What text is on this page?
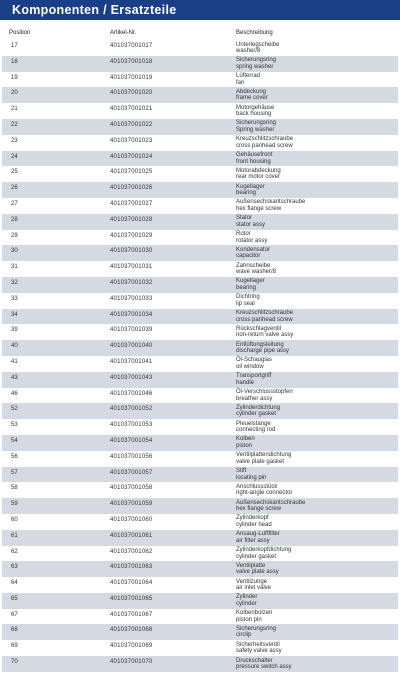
Komponenten / Ersatzteile
Position	Artikel-Nr.	Beschreibung
17	401037001017	Unterlegscheibe
washer/8
18	401037001018	Sicherungsring
spring washer
19	401037001019	Lüfterrad
fan
20	401037001020	Abdeckung
frame cover
21	401037001021	Motorgehäuse
back housing
22	401037001022	Sicherungsring
Spring washer
23	401037001023	Kreuzschlitzschraube
cross panhead screw
24	401037001024	Gehäusefront
front housing
25	401037001025	Motorabdeckung
rear motor cover
26	401037001026	Kugellager
bearing
27	401037001027	Außensechskantschraube
hex flange screw
28	401037001028	Stator
stator assy
29	401037001029	Rotor
rotator assy
30	401037001030	Kondensator
capacitor
31	401037001031	Zahnscheibe
wave washer/8
32	401037001032	Kugellager
bearing
33	401037001033	Dichtring
lip seal
34	401037001034	Kreuzschlitzschraube
cross panhead screw
39	401037001039	Rückschlagventil
non-return valve assy
40	401037001040	Entlüftungsleitung
discharge pipe assy
41	401037001041	Öl-Schauglas
oil window
43	401037001043	Transportgriff
handle
46	401037001046	Öl-Verschlussstopfen
breather assy
52	401037001052	Zylinderdichtung
cylinder gasket
53	401037001053	Pleuelstange
connecting rod
54	401037001054	Kolben
piston
56	401037001056	Ventilplattendichtung
valve plate gasket
57	401037001057	Stift
locating pin
58	401037001058	Anschlussstück
right-angle connector
59	401037001059	Außensechskantschraube
hex flange screw
60	401037001060	Zylinderkopf
cylinder head
61	401037001061	Ansaug-Luftfilter
air filter assy
62	401037001062	Zylinderkopfdichtung
cylinder gasket
63	401037001063	Ventilplatte
valve plate assy
64	401037001064	Ventilzunge
air inlet valve
65	401037001065	Zylinder
cylinder
67	401037001067	Kolbenbolzen
piston pin
68	401037001068	Sicherungsring
circlip
69	401037001069	Sicherheitsventil
safety valve assy
70	401037001070	Druckschalter
pressure switch assy
